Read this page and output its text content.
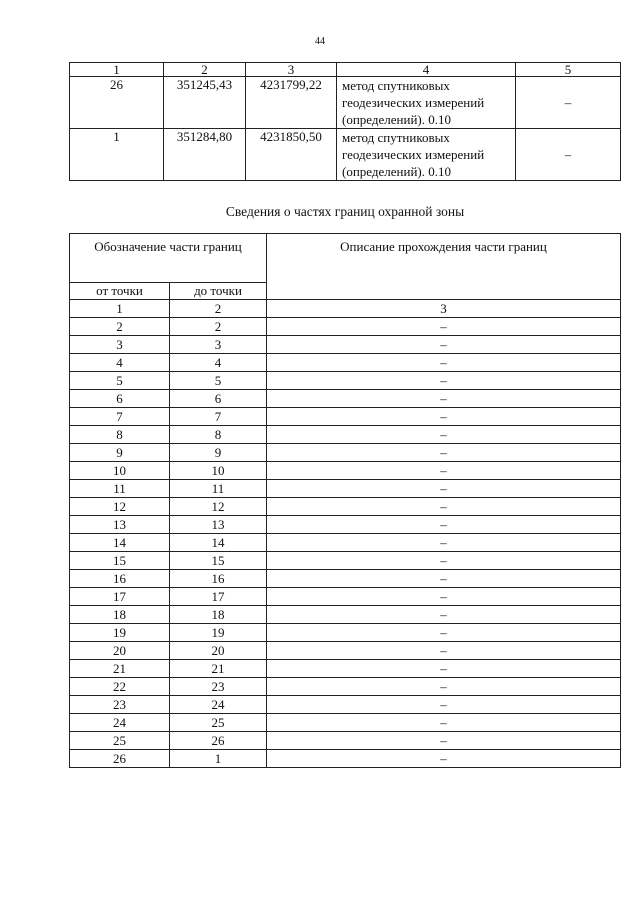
44
1	2	3	4	5
26	351245,43	4231799,22	метод спутниковых
геодезических измерений
(определений). 0.10	–
1	351284,80	4231850,50	метод спутниковых
геодезических измерений
(определений). 0.10	–
Сведения о частях границ охранной зоны
Обозначение части границ		Описание прохождения части границ
от точки	до точки	
1	2	3
2	2	–
3	3	–
4	4	–
5	5	–
6	6	–
7	7	–
8	8	–
9	9	–
10	10	–
11	11	–
12	12	–
13	13	–
14	14	–
15	15	–
16	16	–
17	17	–
18	18	–
19	19	–
20	20	–
21	21	–
22	23	–
23	24	–
24	25	–
25	26	–
26	1	–
